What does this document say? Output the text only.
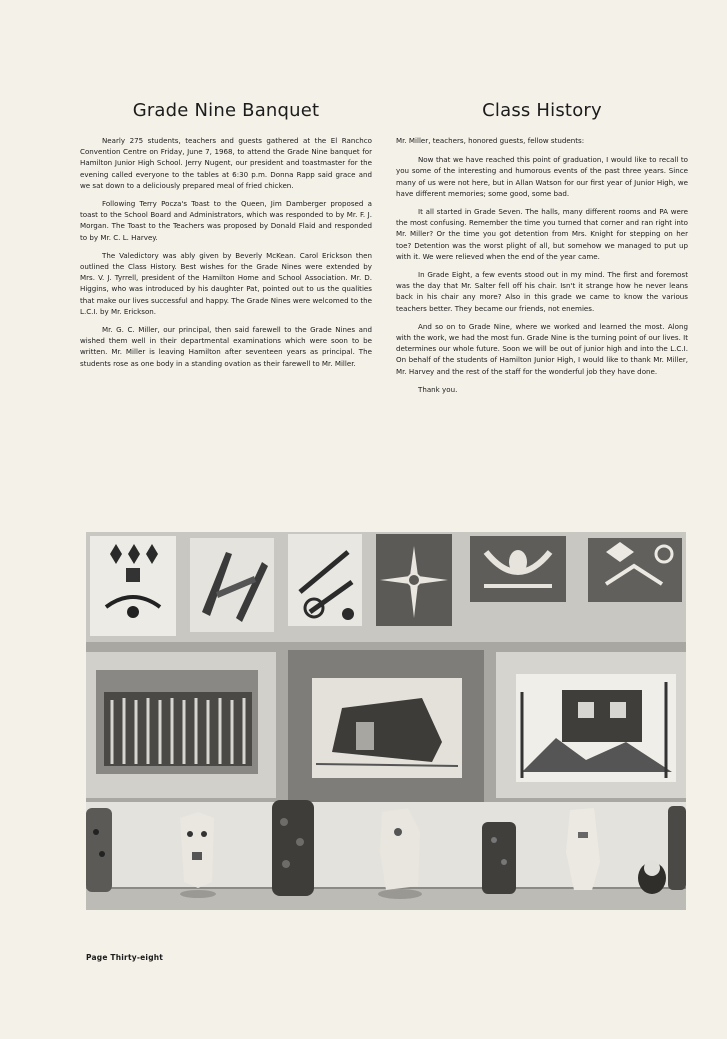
Grade Nine Banquet

Nearly 275 students, teachers and guests gathered at the El Ranchco Convention Centre on Friday, June 7, 1968, to attend the Grade Nine banquet for Hamilton Junior High School. Jerry Nugent, our president and toastmaster for the evening called everyone to the tables at 6:30 p.m. Donna Rapp said grace and we sat down to a deliciously prepared meal of fried chicken.

Following Terry Pocza's Toast to the Queen, Jim Damberger proposed a toast to the School Board and Administrators, which was responded to by Mr. F. J. Morgan. The Toast to the Teachers was proposed by Donald Flaid and responded to by Mr. C. L. Harvey.

The Valedictory was ably given by Beverly McKean. Carol Erickson then outlined the Class History. Best wishes for the Grade Nines were extended by Mrs. V. J. Tyrrell, president of the Hamilton Home and School Association. Mr. D. Higgins, who was introduced by his daughter Pat, pointed out to us the qualities that make our lives successful and happy. The Grade Nines were welcomed to the L.C.I. by Mr. Erickson.

Mr. G. C. Miller, our principal, then said farewell to the Grade Nines and wished them well in their departmental examinations which were soon to be written. Mr. Miller is leaving Hamilton after seventeen years as principal. The students rose as one body in a standing ovation as their farewell to Mr. Miller.

Class History

Mr. Miller, teachers, honored guests, fellow students:

Now that we have reached this point of graduation, I would like to recall to you some of the interesting and humorous events of the past three years. Since many of us were not here, but in Allan Watson for our first year of Junior High, we have different memories; some good, some bad.

It all started in Grade Seven. The halls, many different rooms and PA were the most confusing. Remember the time you turned that corner and ran right into Mr. Miller? Or the time you got detention from Mrs. Knight for stepping on her toe? Detention was the worst plight of all, but somehow we managed to put up with it. We were relieved when the end of the year came.

In Grade Eight, a few events stood out in my mind. The first and foremost was the day that Mr. Salter fell off his chair. Isn't it strange how he never leans back in his chair any more? Also in this grade we came to know the various teachers better. They became our friends, not enemies.

And so on to Grade Nine, where we worked and learned the most. Along with the work, we had the most fun. Grade Nine is the turning point of our lives. It determines our whole future. Soon we will be out of junior high and into the L.C.I. On behalf of the students of Hamilton Junior High, I would like to thank Mr. Miller, Mr. Harvey and the rest of the staff for the wonderful job they have done.

Thank you.

Page Thirty-eight
